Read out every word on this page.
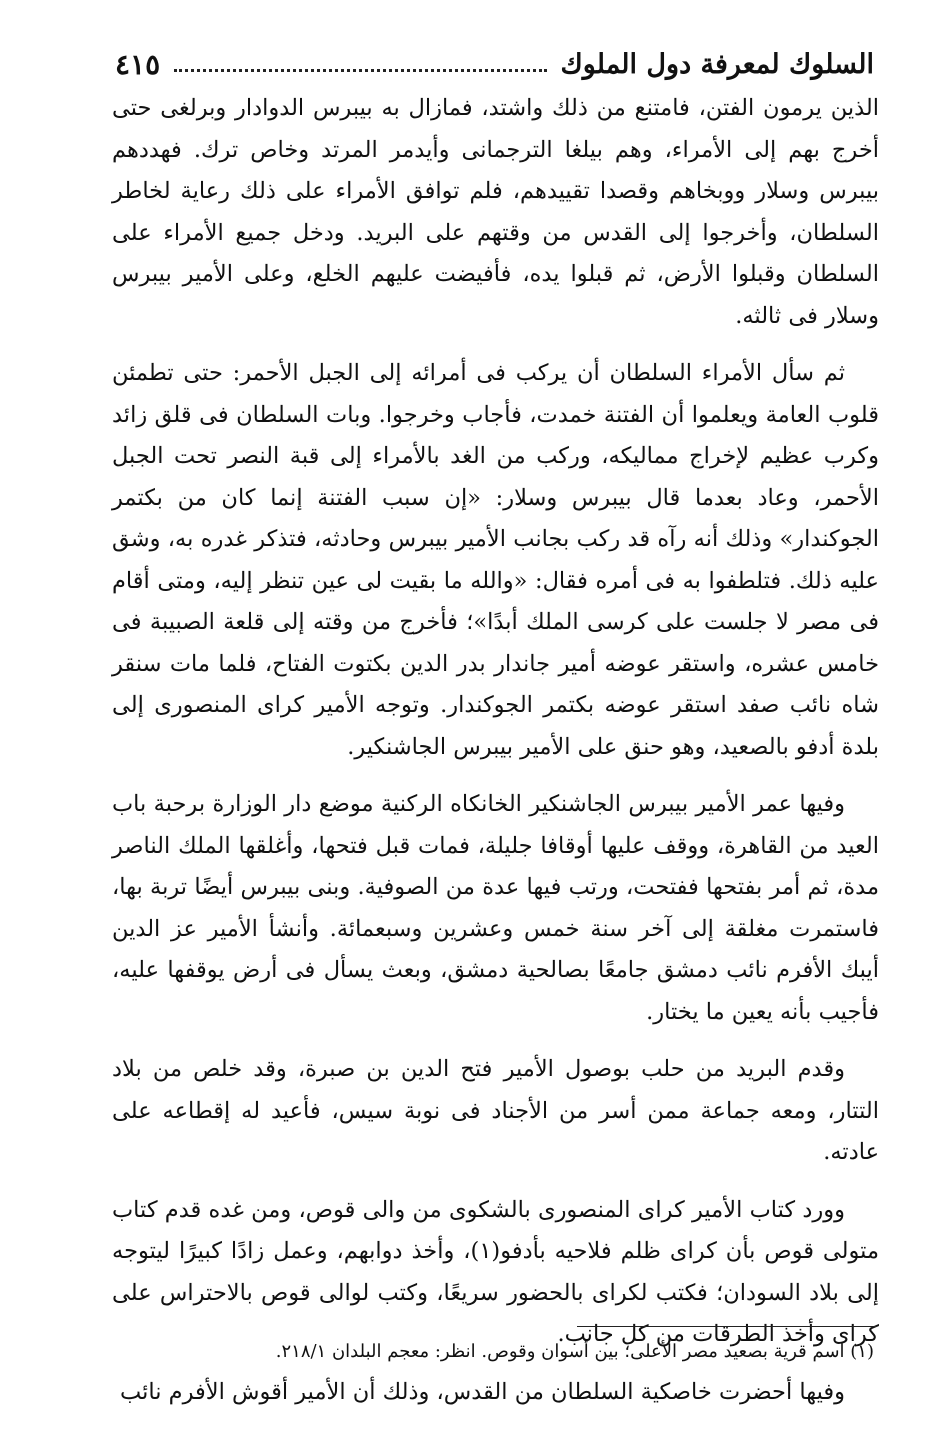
السلوك لمعرفة دول الملوك
٤١٥

الذين يرمون الفتن، فامتنع من ذلك واشتد، فمازال به بيبرس الدوادار وبرلغى حتى أخرج بهم إلى الأمراء، وهم بيلغا الترجمانى وأيدمر المرتد وخاص ترك. فهددهم بيبرس وسلار ووبخاهم وقصدا تقييدهم، فلم توافق الأمراء على ذلك رعاية لخاطر السلطان، وأخرجوا إلى القدس من وقتهم على البريد. ودخل جميع الأمراء على السلطان وقبلوا الأرض، ثم قبلوا يده، فأفيضت عليهم الخلع، وعلى الأمير بيبرس وسلار فى ثالثه.

ثم سأل الأمراء السلطان أن يركب فى أمرائه إلى الجبل الأحمر: حتى تطمئن قلوب العامة ويعلموا أن الفتنة خمدت، فأجاب وخرجوا. وبات السلطان فى قلق زائد وكرب عظيم لإخراج مماليكه، وركب من الغد بالأمراء إلى قبة النصر تحت الجبل الأحمر، وعاد بعدما قال بيبرس وسلار: «إن سبب الفتنة إنما كان من بكتمر الجوكندار» وذلك أنه رآه قد ركب بجانب الأمير بيبرس وحادثه، فتذكر غدره به، وشق عليه ذلك. فتلطفوا به فى أمره فقال: «والله ما بقيت لى عين تنظر إليه، ومتى أقام فى مصر لا جلست على كرسى الملك أبدًا»؛ فأخرج من وقته إلى قلعة الصبيبة فى خامس عشره، واستقر عوضه أمير جاندار بدر الدين بكتوت الفتاح، فلما مات سنقر شاه نائب صفد استقر عوضه بكتمر الجوكندار. وتوجه الأمير كراى المنصورى إلى بلدة أدفو بالصعيد، وهو حنق على الأمير بيبرس الجاشنكير.

وفيها عمر الأمير بيبرس الجاشنكير الخانكاه الركنية موضع دار الوزارة برحبة باب العيد من القاهرة، ووقف عليها أوقافا جليلة، فمات قبل فتحها، وأغلقها الملك الناصر مدة، ثم أمر بفتحها ففتحت، ورتب فيها عدة من الصوفية. وبنى بيبرس أيضًا تربة بها، فاستمرت مغلقة إلى آخر سنة خمس وعشرين وسبعمائة. وأنشأ الأمير عز الدين أيبك الأفرم نائب دمشق جامعًا بصالحية دمشق، وبعث يسأل فى أرض يوقفها عليه، فأجيب بأنه يعين ما يختار.

وقدم البريد من حلب بوصول الأمير فتح الدين بن صبرة، وقد خلص من بلاد التتار، ومعه جماعة ممن أسر من الأجناد فى نوبة سيس، فأعيد له إقطاعه على عادته.

وورد كتاب الأمير كراى المنصورى بالشكوى من والى قوص، ومن غده قدم كتاب متولى قوص بأن كراى ظلم فلاحيه بأدفو(١)، وأخذ دوابهم، وعمل زادًا كبيرًا ليتوجه إلى بلاد السودان؛ فكتب لكراى بالحضور سريعًا، وكتب لوالى قوص بالاحتراس على كراى وأخذ الطرقات من كل جانب.

وفيها أحضرت خاصكية السلطان من القدس، وذلك أن الأمير أقوش الأفرم نائب

(١) اسم قرية بصعيد مصر الأعلى؛ بين أسوان وقوص. انظر: معجم البلدان ٢١٨/١.
